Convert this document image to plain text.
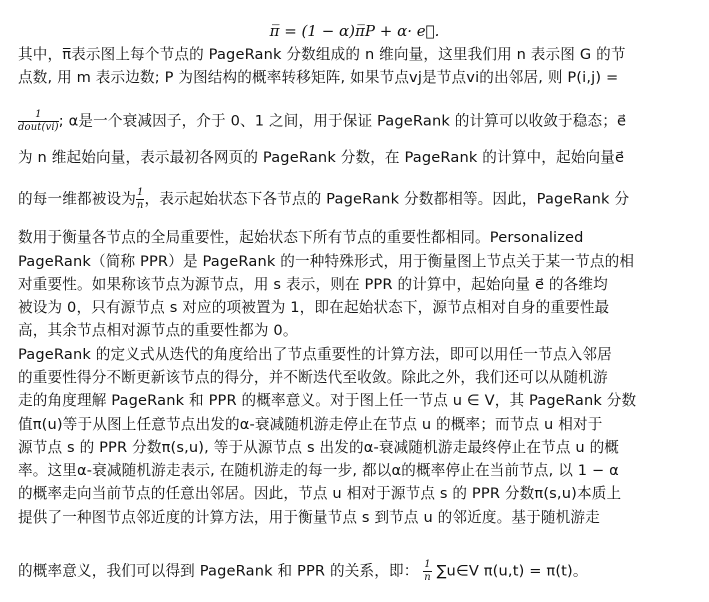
π̅ = (1 − α)π̅P + α· e⃗.
其中，π̅表示图上每个节点的 PageRank 分数组成的 n 维向量，这里我们用 n 表示图 G 的节
点数, 用 m 表示边数; P 为图结构的概率转移矩阵, 如果节点vj是节点vi的出邻居, 则 P(i,j) =
$\frac{1}{\text{dout(vi)}}$ ; α是一个衰减因子，介于 0、1 之间，用于保证 PageRank 的计算可以收敛于稳态；e⃗
为 n 维起始向量，表示最初各网页的 PageRank 分数，在 PageRank 的计算中，起始向量e⃗
的每一维都被设为 $\frac{1}{n}$ ，表示起始状态下各节点的 PageRank 分数都相等。因此，PageRank 分
数用于衡量各节点的全局重要性，起始状态下所有节点的重要性都相同。Personalized
PageRank（简称 PPR）是 PageRank 的一种特殊形式，用于衡量图上节点关于某一节点的相
对重要性。如果称该节点为源节点，用 s 表示，则在 PPR 的计算中，起始向量 e⃗ 的各维均
被设为 0，只有源节点 s 对应的项被置为 1，即在起始状态下，源节点相对自身的重要性最
高，其余节点相对源节点的重要性都为 0。
PageRank 的定义式从迭代的角度给出了节点重要性的计算方法，即可以用任一节点入邻居
的重要性得分不断更新该节点的得分，并不断迭代至收敛。除此之外，我们还可以从随机游
走的角度理解 PageRank 和 PPR 的概率意义。对于图上任一节点 u ∈ V，其 PageRank 分数
值π(u)等于从图上任意节点出发的α-衰减随机游走停止在节点 u 的概率；而节点 u 相对于
源节点 s 的 PPR 分数π(s,u), 等于从源节点 s 出发的α-衰减随机游走最终停止在节点 u 的概
率。这里α-衰减随机游走表示, 在随机游走的每一步, 都以α的概率停止在当前节点, 以 1 − α
的概率走向当前节点的任意出邻居。因此，节点 u 相对于源节点 s 的 PPR 分数π(s,u)本质上
提供了一种图节点邻近度的计算方法，用于衡量节点 s 到节点 u 的邻近度。基于随机游走
的概率意义，我们可以得到 PageRank 和 PPR 的关系，即： $\frac{1}{n}$ ∑u∈V π(u,t) = π(t)。
